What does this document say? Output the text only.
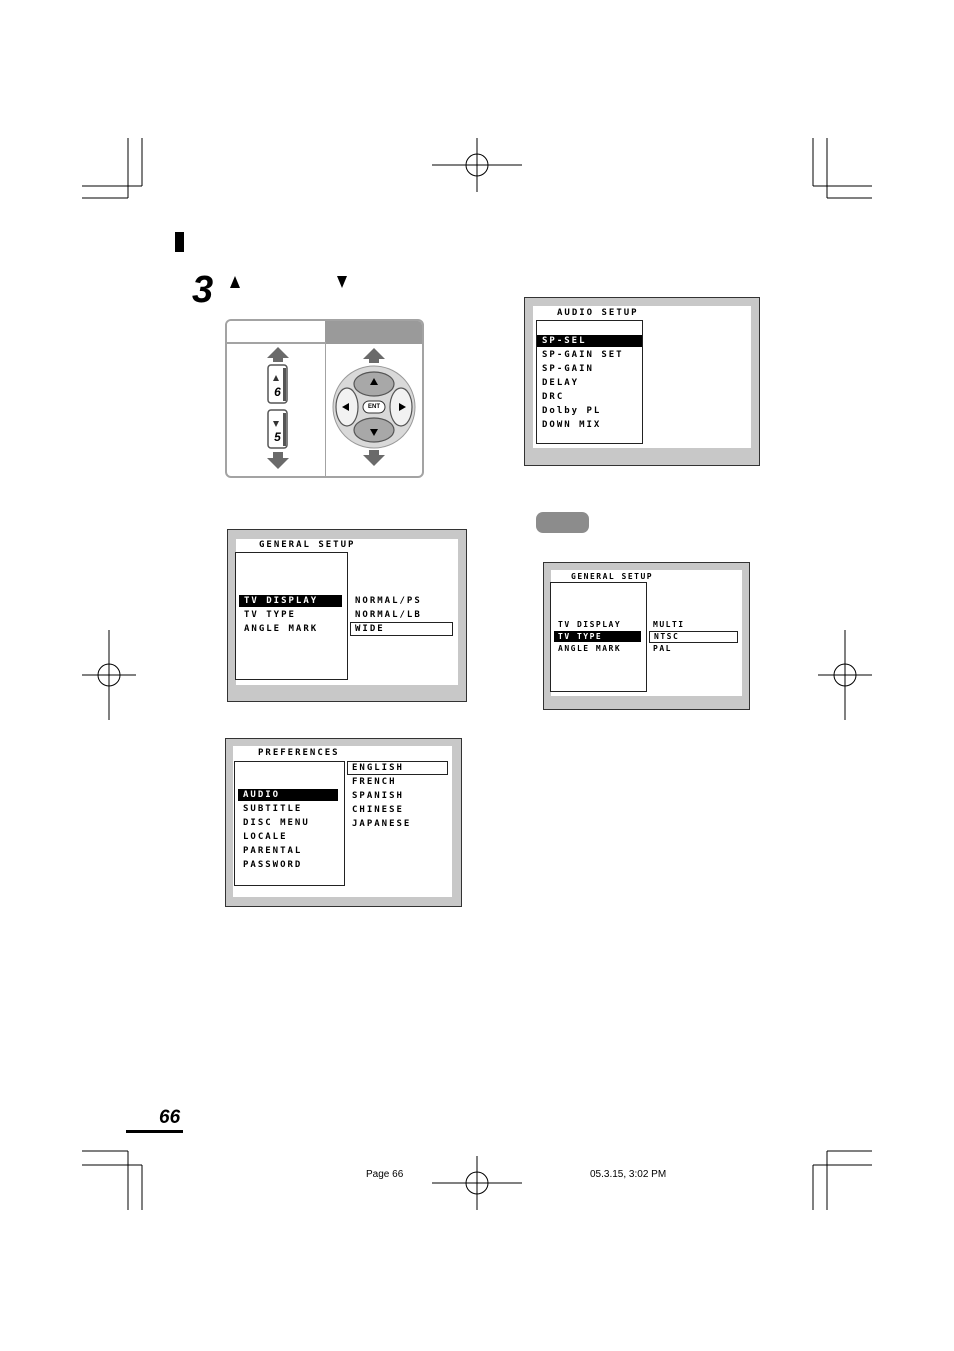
3
6
5
ENT
AUDIO SETUP
SP-SEL
SP-GAIN SET
SP-GAIN
DELAY
DRC
Dolby PL
DOWN MIX
GENERAL SETUP
TV DISPLAY
TV TYPE
ANGLE MARK
NORMAL/PS
NORMAL/LB
WIDE
GENERAL SETUP
TV DISPLAY
TV TYPE
ANGLE MARK
MULTI
NTSC
PAL
PREFERENCES
AUDIO
SUBTITLE
DISC MENU
LOCALE
PARENTAL
PASSWORD
ENGLISH
FRENCH
SPANISH
CHINESE
JAPANESE
66
Page 66	05.3.15, 3:02 PM
